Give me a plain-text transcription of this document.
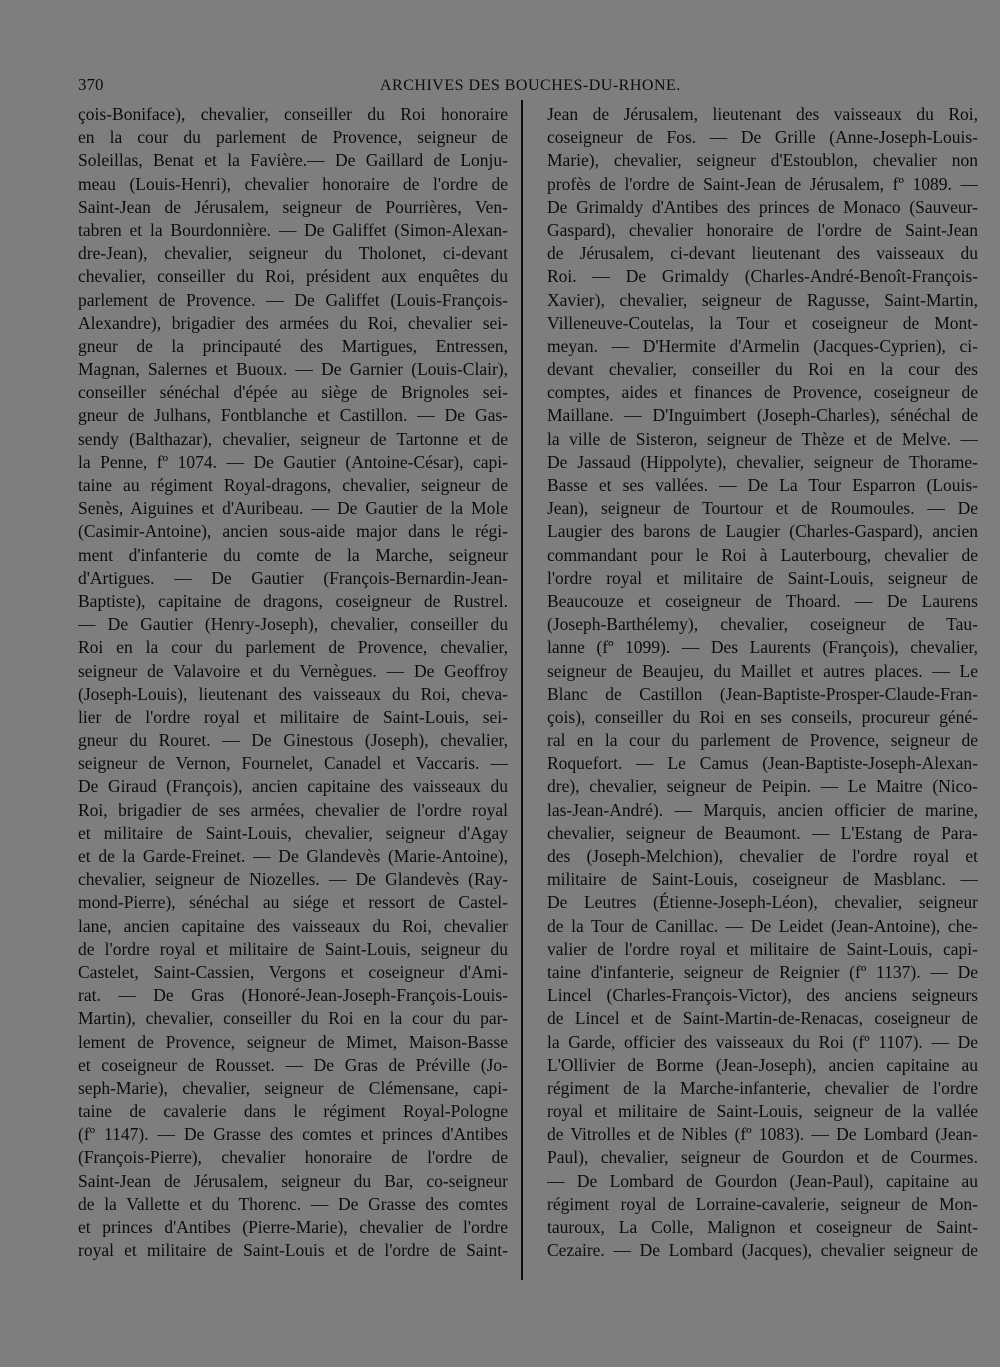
370	ARCHIVES DES BOUCHES-DU-RHONE.
çois-Boniface), chevalier, conseiller du Roi honoraire
en la cour du parlement de Provence, seigneur de
Soleillas, Benat et la Favière.— De Gaillard de Lonju-
meau (Louis-Henri), chevalier honoraire de l'ordre de
Saint-Jean de Jérusalem, seigneur de Pourrières, Ven-
tabren et la Bourdonnière. — De Galiffet (Simon-Alexan-
dre-Jean), chevalier, seigneur du Tholonet, ci-devant
chevalier, conseiller du Roi, président aux enquêtes du
parlement de Provence. — De Galiffet (Louis-François-
Alexandre), brigadier des armées du Roi, chevalier sei-
gneur de la principauté des Martigues, Entressen,
Magnan, Salernes et Buoux. — De Garnier (Louis-Clair),
conseiller sénéchal d'épée au siège de Brignoles sei-
gneur de Julhans, Fontblanche et Castillon. — De Gas-
sendy (Balthazar), chevalier, seigneur de Tartonne et de
la Penne, fº 1074. — De Gautier (Antoine-César), capi-
taine au régiment Royal-dragons, chevalier, seigneur de
Senès, Aiguines et d'Auribeau. — De Gautier de la Mole
(Casimir-Antoine), ancien sous-aide major dans le régi-
ment d'infanterie du comte de la Marche, seigneur
d'Artigues. — De Gautier (François-Bernardin-Jean-
Baptiste), capitaine de dragons, coseigneur de Rustrel.
— De Gautier (Henry-Joseph), chevalier, conseiller du
Roi en la cour du parlement de Provence, chevalier,
seigneur de Valavoire et du Vernègues. — De Geoffroy
(Joseph-Louis), lieutenant des vaisseaux du Roi, cheva-
lier de l'ordre royal et militaire de Saint-Louis, sei-
gneur du Rouret. — De Ginestous (Joseph), chevalier,
seigneur de Vernon, Fournelet, Canadel et Vaccaris. —
De Giraud (François), ancien capitaine des vaisseaux du
Roi, brigadier de ses armées, chevalier de l'ordre royal
et militaire de Saint-Louis, chevalier, seigneur d'Agay
et de la Garde-Freinet. — De Glandevès (Marie-Antoine),
chevalier, seigneur de Niozelles. — De Glandevès (Ray-
mond-Pierre), sénéchal au siége et ressort de Castel-
lane, ancien capitaine des vaisseaux du Roi, chevalier
de l'ordre royal et militaire de Saint-Louis, seigneur du
Castelet, Saint-Cassien, Vergons et coseigneur d'Ami-
rat. — De Gras (Honoré-Jean-Joseph-François-Louis-
Martin), chevalier, conseiller du Roi en la cour du par-
lement de Provence, seigneur de Mimet, Maison-Basse
et coseigneur de Rousset. — De Gras de Préville (Jo-
seph-Marie), chevalier, seigneur de Clémensane, capi-
taine de cavalerie dans le régiment Royal-Pologne
(fº 1147). — De Grasse des comtes et princes d'Antibes
(François-Pierre), chevalier honoraire de l'ordre de
Saint-Jean de Jérusalem, seigneur du Bar, co-seigneur
de la Vallette et du Thorenc. — De Grasse des comtes
et princes d'Antibes (Pierre-Marie), chevalier de l'ordre
royal et militaire de Saint-Louis et de l'ordre de Saint-
Jean de Jérusalem, lieutenant des vaisseaux du Roi,
coseigneur de Fos. — De Grille (Anne-Joseph-Louis-
Marie), chevalier, seigneur d'Estoublon, chevalier non
profès de l'ordre de Saint-Jean de Jérusalem, fº 1089. —
De Grimaldy d'Antibes des princes de Monaco (Sauveur-
Gaspard), chevalier honoraire de l'ordre de Saint-Jean
de Jérusalem, ci-devant lieutenant des vaisseaux du
Roi. — De Grimaldy (Charles-André-Benoît-François-
Xavier), chevalier, seigneur de Ragusse, Saint-Martin,
Villeneuve-Coutelas, la Tour et coseigneur de Mont-
meyan. — D'Hermite d'Armelin (Jacques-Cyprien), ci-
devant chevalier, conseiller du Roi en la cour des
comptes, aides et finances de Provence, coseigneur de
Maillane. — D'Inguimbert (Joseph-Charles), sénéchal de
la ville de Sisteron, seigneur de Thèze et de Melve. —
De Jassaud (Hippolyte), chevalier, seigneur de Thorame-
Basse et ses vallées. — De La Tour Esparron (Louis-
Jean), seigneur de Tourtour et de Roumoules. — De
Laugier des barons de Laugier (Charles-Gaspard), ancien
commandant pour le Roi à Lauterbourg, chevalier de
l'ordre royal et militaire de Saint-Louis, seigneur de
Beaucouze et coseigneur de Thoard. — De Laurens
(Joseph-Barthélemy), chevalier, coseigneur de Tau-
lanne (fº 1099). — Des Laurents (François), chevalier,
seigneur de Beaujeu, du Maillet et autres places. — Le
Blanc de Castillon (Jean-Baptiste-Prosper-Claude-Fran-
çois), conseiller du Roi en ses conseils, procureur géné-
ral en la cour du parlement de Provence, seigneur de
Roquefort. — Le Camus (Jean-Baptiste-Joseph-Alexan-
dre), chevalier, seigneur de Peipin. — Le Maitre (Nico-
las-Jean-André). — Marquis, ancien officier de marine,
chevalier, seigneur de Beaumont. — L'Estang de Para-
des (Joseph-Melchion), chevalier de l'ordre royal et
militaire de Saint-Louis, coseigneur de Masblanc. —
De Leutres (Étienne-Joseph-Léon), chevalier, seigneur
de la Tour de Canillac. — De Leidet (Jean-Antoine), che-
valier de l'ordre royal et militaire de Saint-Louis, capi-
taine d'infanterie, seigneur de Reignier (fº 1137). — De
Lincel (Charles-François-Victor), des anciens seigneurs
de Lincel et de Saint-Martin-de-Renacas, coseigneur de
la Garde, officier des vaisseaux du Roi (fº 1107). — De
L'Ollivier de Borme (Jean-Joseph), ancien capitaine au
régiment de la Marche-infanterie, chevalier de l'ordre
royal et militaire de Saint-Louis, seigneur de la vallée
de Vitrolles et de Nibles (fº 1083). — De Lombard (Jean-
Paul), chevalier, seigneur de Gourdon et de Courmes.
— De Lombard de Gourdon (Jean-Paul), capitaine au
régiment royal de Lorraine-cavalerie, seigneur de Mon-
tauroux, La Colle, Malignon et coseigneur de Saint-
Cezaire. — De Lombard (Jacques), chevalier seigneur de
